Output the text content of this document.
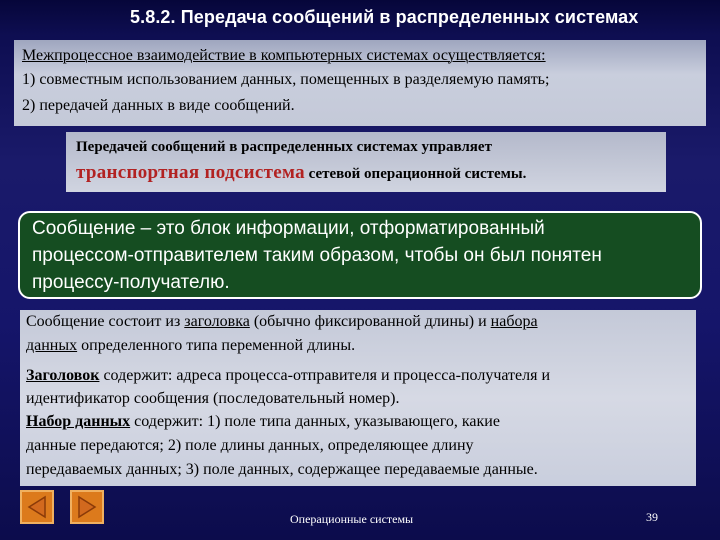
5.8.2. Передача сообщений в распределенных системах
Межпроцессное взаимодействие в компьютерных системах осуществляется:
1) совместным использованием данных, помещенных в разделяемую память;
2) передачей данных в виде сообщений.
Передачей сообщений в распределенных системах управляет
транспортная подсистема сетевой операционной системы.
Сообщение – это блок информации, отформатированный
процессом-отправителем таким образом, чтобы он был понятен
процессу-получателю.
Сообщение состоит из заголовка (обычно фиксированной длины) и набора
данных определенного типа переменной длины.
Заголовок содержит: адреса процесса-отправителя и процесса-получателя и
идентификатор сообщения (последовательный номер).
Набор данных содержит: 1) поле типа данных, указывающего, какие
данные передаются; 2) поле длины данных, определяющее длину
передаваемых данных; 3) поле данных, содержащее передаваемые данные.
Операционные системы	39
